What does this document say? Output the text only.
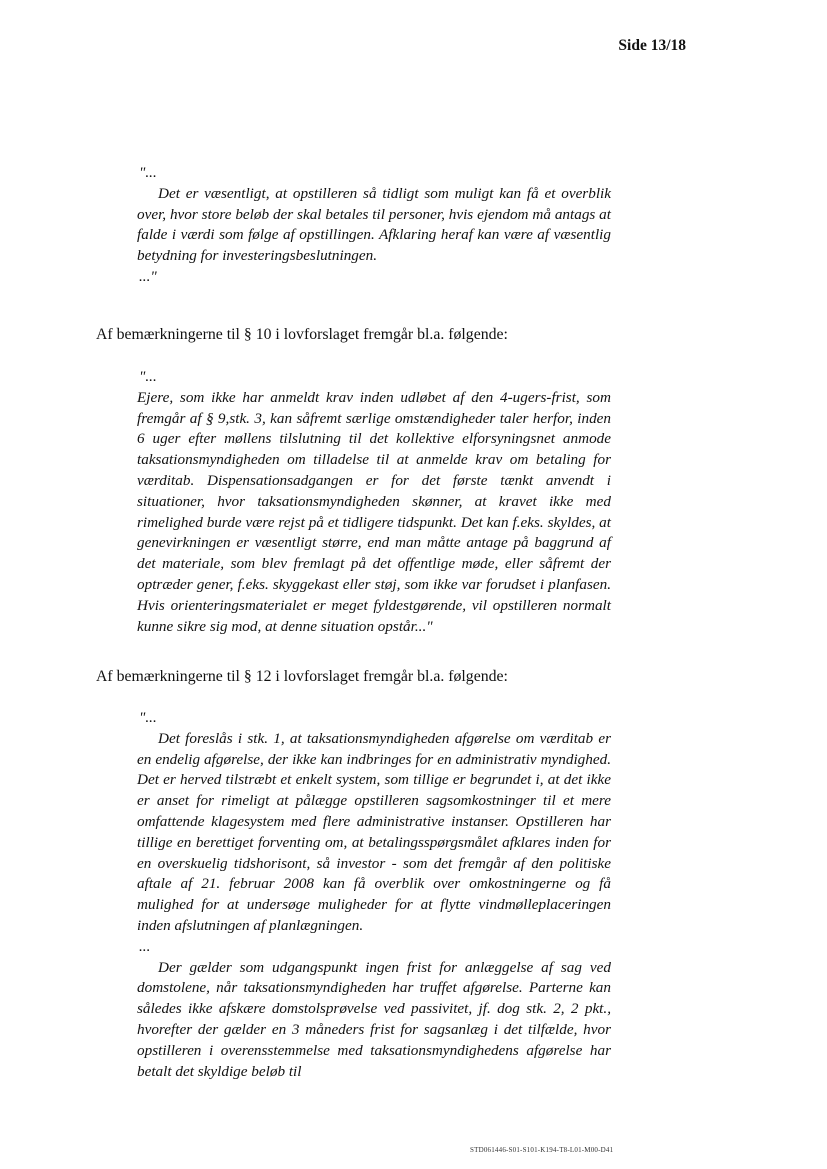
Side 13/18

"...

Det er væsentligt, at opstilleren så tidligt som muligt kan få et overblik over, hvor store beløb der skal betales til personer, hvis ejendom må antags at falde i værdi som følge af opstillingen. Afklaring heraf kan være af væsentlig betydning for investeringsbeslutningen.

..."

Af bemærkningerne til § 10 i lovforslaget fremgår bl.a. følgende:

"...

Ejere, som ikke har anmeldt krav inden udløbet af den 4-ugers-frist, som fremgår af § 9,stk. 3, kan såfremt særlige omstændigheder taler herfor, inden 6 uger efter møllens tilslutning til det kollektive elforsyningsnet anmode taksationsmyndigheden om tilladelse til at anmelde krav om betaling for værditab. Dispensationsadgangen er for det første tænkt anvendt i situationer, hvor taksationsmyndigheden skønner, at kravet ikke med rimelighed burde være rejst på et tidligere tidspunkt. Det kan f.eks. skyldes, at genevirkningen er væsentligt større, end man måtte antage på baggrund af det materiale, som blev fremlagt på det offentlige møde, eller såfremt der optræder gener, f.eks. skyggekast eller støj, som ikke var forudset i planfasen. Hvis orienteringsmaterialet er meget fyldestgørende, vil opstilleren normalt kunne sikre sig mod, at denne situation opstår..."

Af bemærkningerne til § 12 i lovforslaget fremgår bl.a. følgende:

"...

Det foreslås i stk. 1, at taksationsmyndigheden afgørelse om værditab er en endelig afgørelse, der ikke kan indbringes for en administrativ myndighed. Det er herved tilstræbt et enkelt system, som tillige er begrundet i, at det ikke er anset for rimeligt at pålægge opstilleren sagsomkostninger til et mere omfattende klagesystem med flere administrative instanser. Opstilleren har tillige en berettiget forventing om, at betalingsspørgsmålet afklares inden for en overskuelig tidshorisont, så investor - som det fremgår af den politiske aftale af 21. februar 2008 kan få overblik over omkostningerne og få mulighed for at undersøge muligheder for at flytte vindmølleplaceringen inden afslutningen af planlægningen.

...

Der gælder som udgangspunkt ingen frist for anlæggelse af sag ved domstolene, når taksationsmyndigheden har truffet afgørelse. Parterne kan således ikke afskære domstolsprøvelse ved passivitet, jf. dog stk. 2, 2 pkt., hvorefter der gælder en 3 måneders frist for sagsanlæg i det tilfælde, hvor opstilleren i overensstemmelse med taksationsmyndighedens afgørelse har betalt det skyldige beløb til

STD061446-S01-S101-K194-T8-L01-M00-D41
